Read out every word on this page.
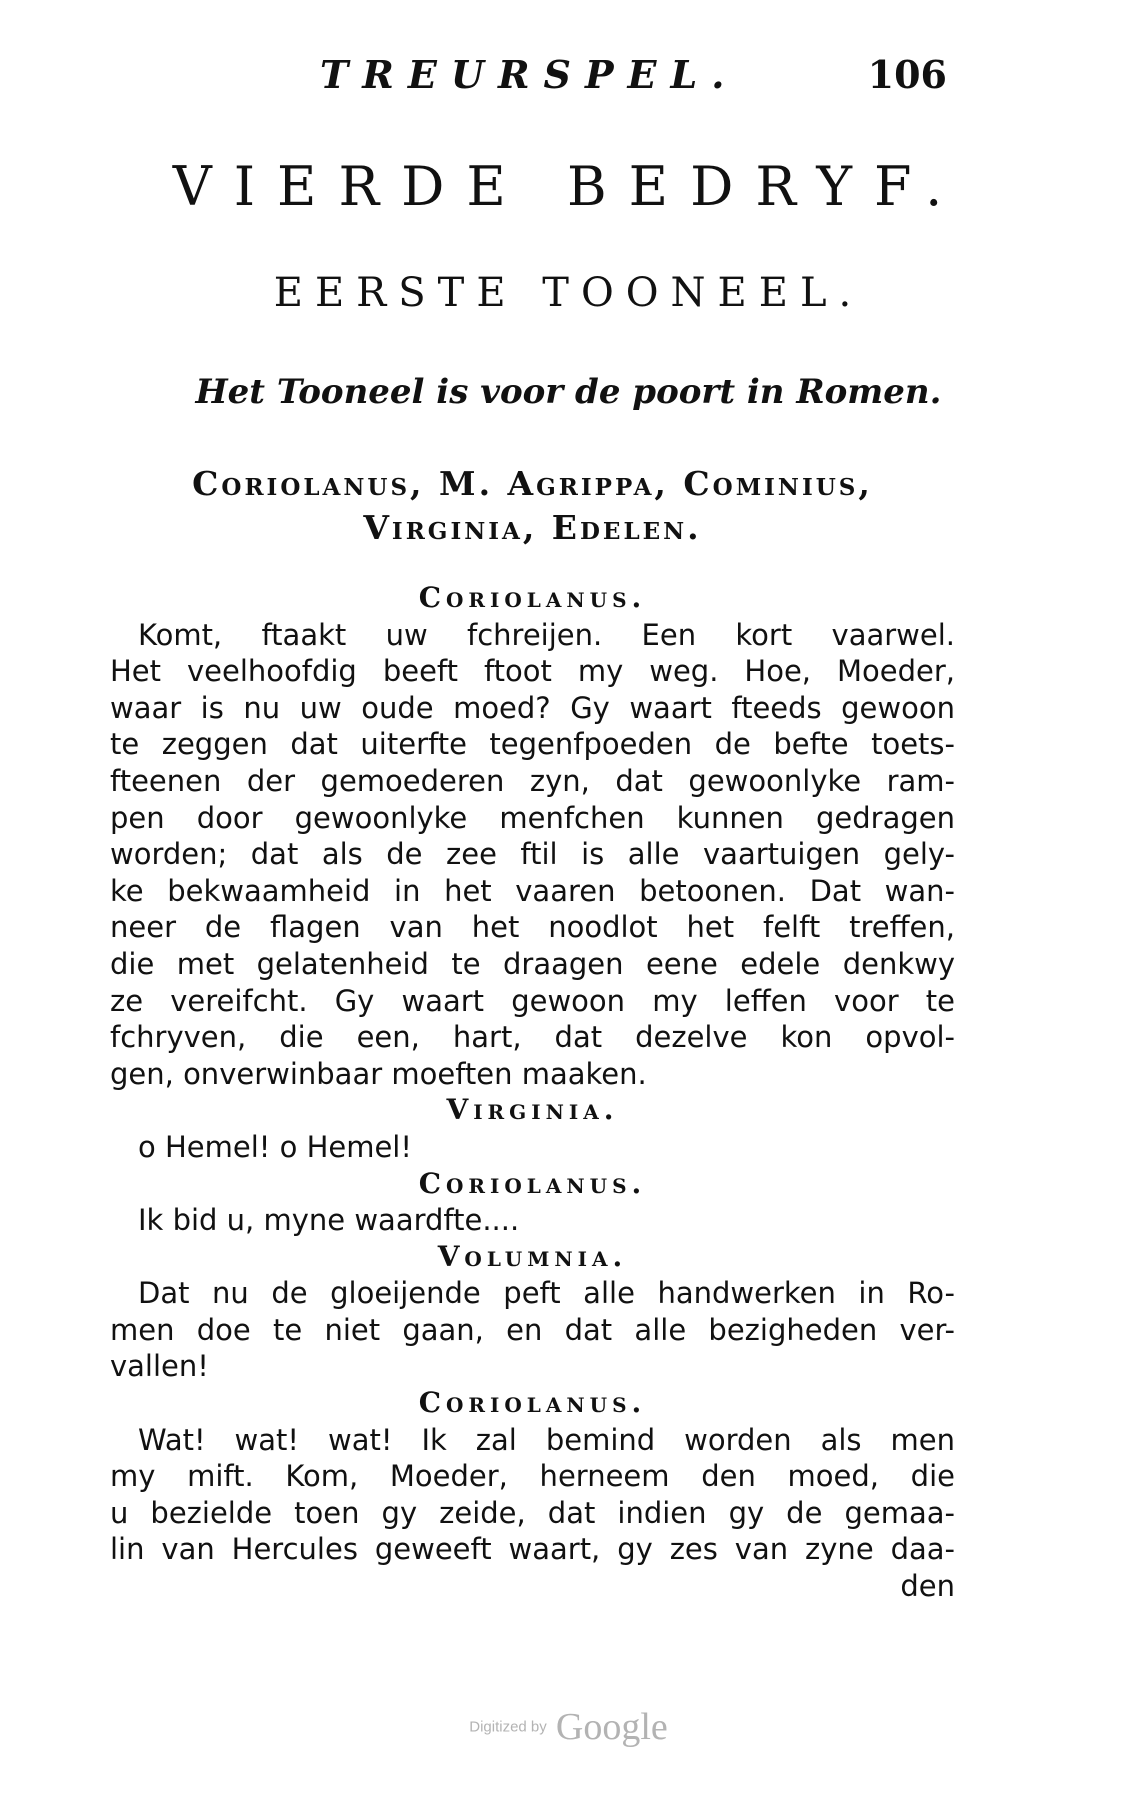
TREURSPEL.	106
VIERDE BEDRYF.
EERSTE TOONEEL.
Het Tooneel is voor de poort in Romen.
Coriolanus, M. Agrippa, Cominius,
Virginia, Edelen.
Coriolanus.
Komt, ftaakt uw fchreijen. Een kort vaarwel.
Het veelhoofdig beeft ftoot my weg. Hoe, Moeder,
waar is nu uw oude moed? Gy waart fteeds gewoon
te zeggen dat uiterfte tegenfpoeden de befte toets-
fteenen der gemoederen zyn, dat gewoonlyke ram-
pen door gewoonlyke menfchen kunnen gedragen
worden; dat als de zee ftil is alle vaartuigen gely-
ke bekwaamheid in het vaaren betoonen. Dat wan-
neer de flagen van het noodlot het felft treffen,
die met gelatenheid te draagen eene edele denkwy
ze vereifcht. Gy waart gewoon my leffen voor te
fchryven, die een, hart, dat dezelve kon opvol-
gen, onverwinbaar moeften maaken.
Virginia.
o Hemel! o Hemel!
Coriolanus.
Ik bid u, myne waardfte....
Volumnia.
Dat nu de gloeijende peft alle handwerken in Ro-
men doe te niet gaan, en dat alle bezigheden ver-
vallen!
Coriolanus.
Wat! wat! wat! Ik zal bemind worden als men
my mift. Kom, Moeder, herneem den moed, die
u bezielde toen gy zeide, dat indien gy de gemaa-
lin van Hercules geweeft waart, gy zes van zyne daa-
den
Digitized by Google
